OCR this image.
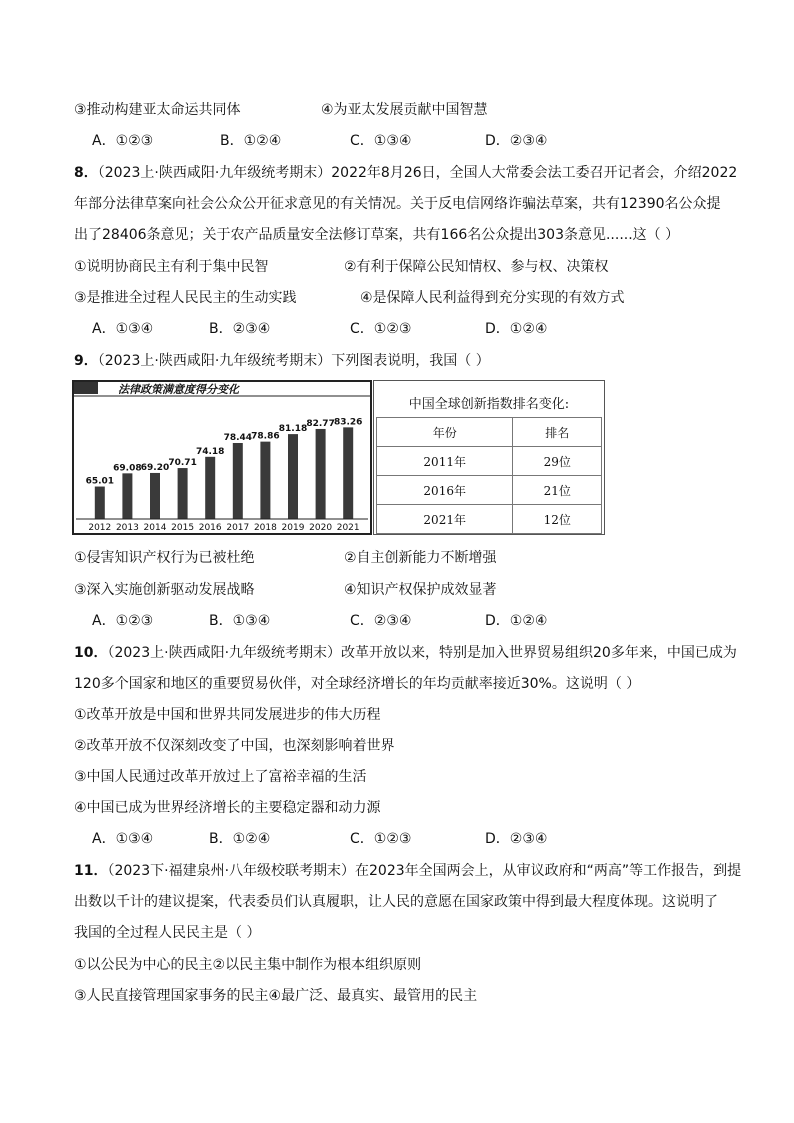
③推动构建亚太命运共同体	④为亚太发展贡献中国智慧
A．①②③	B．①②④	C．①③④	D．②③④
8．（2023上·陕西咸阳·九年级统考期末）2022年8月26日，全国人大常委会法工委召开记者会，介绍2022
年部分法律草案向社会公众公开征求意见的有关情况。关于反电信网络诈骗法草案，共有12390名公众提
出了28406条意见；关于农产品质量安全法修订草案，共有166名公众提出303条意见......这（ ）
①说明协商民主有利于集中民智	②有利于保障公民知情权、参与权、决策权
③是推进全过程人民民主的生动实践	④是保障人民利益得到充分实现的有效方式
A．①③④	B．②③④	C．①②③	D．①②④
9．（2023上·陕西咸阳·九年级统考期末）下列图表说明，我国（ ）
法律政策满意度得分变化
65.01
2012
69.08
2013
69.20
2014
70.71
2015
74.18
2016
78.44
2017
78.86
2018
81.18
2019
82.77
2020
83.26
2021
中国全球创新指数排名变化:
年份	排名
2011年	29位
2016年	21位
2021年	12位
①侵害知识产权行为已被杜绝	②自主创新能力不断增强
③深入实施创新驱动发展战略	④知识产权保护成效显著
A．①②③	B．①③④	C．②③④	D．①②④
10．（2023上·陕西咸阳·九年级统考期末）改革开放以来，特别是加入世界贸易组织20多年来，中国已成为
120多个国家和地区的重要贸易伙伴，对全球经济增长的年均贡献率接近30%。这说明（ ）
①改革开放是中国和世界共同发展进步的伟大历程
②改革开放不仅深刻改变了中国，也深刻影响着世界
③中国人民通过改革开放过上了富裕幸福的生活
④中国已成为世界经济增长的主要稳定器和动力源
A．①③④	B．①②④	C．①②③	D．②③④
11．（2023下·福建泉州·八年级校联考期末）在2023年全国两会上，从审议政府和“两高”等工作报告，到提
出数以千计的建议提案，代表委员们认真履职，让人民的意愿在国家政策中得到最大程度体现。这说明了
我国的全过程人民民主是（ ）
①以公民为中心的民主②以民主集中制作为根本组织原则
③人民直接管理国家事务的民主④最广泛、最真实、最管用的民主
